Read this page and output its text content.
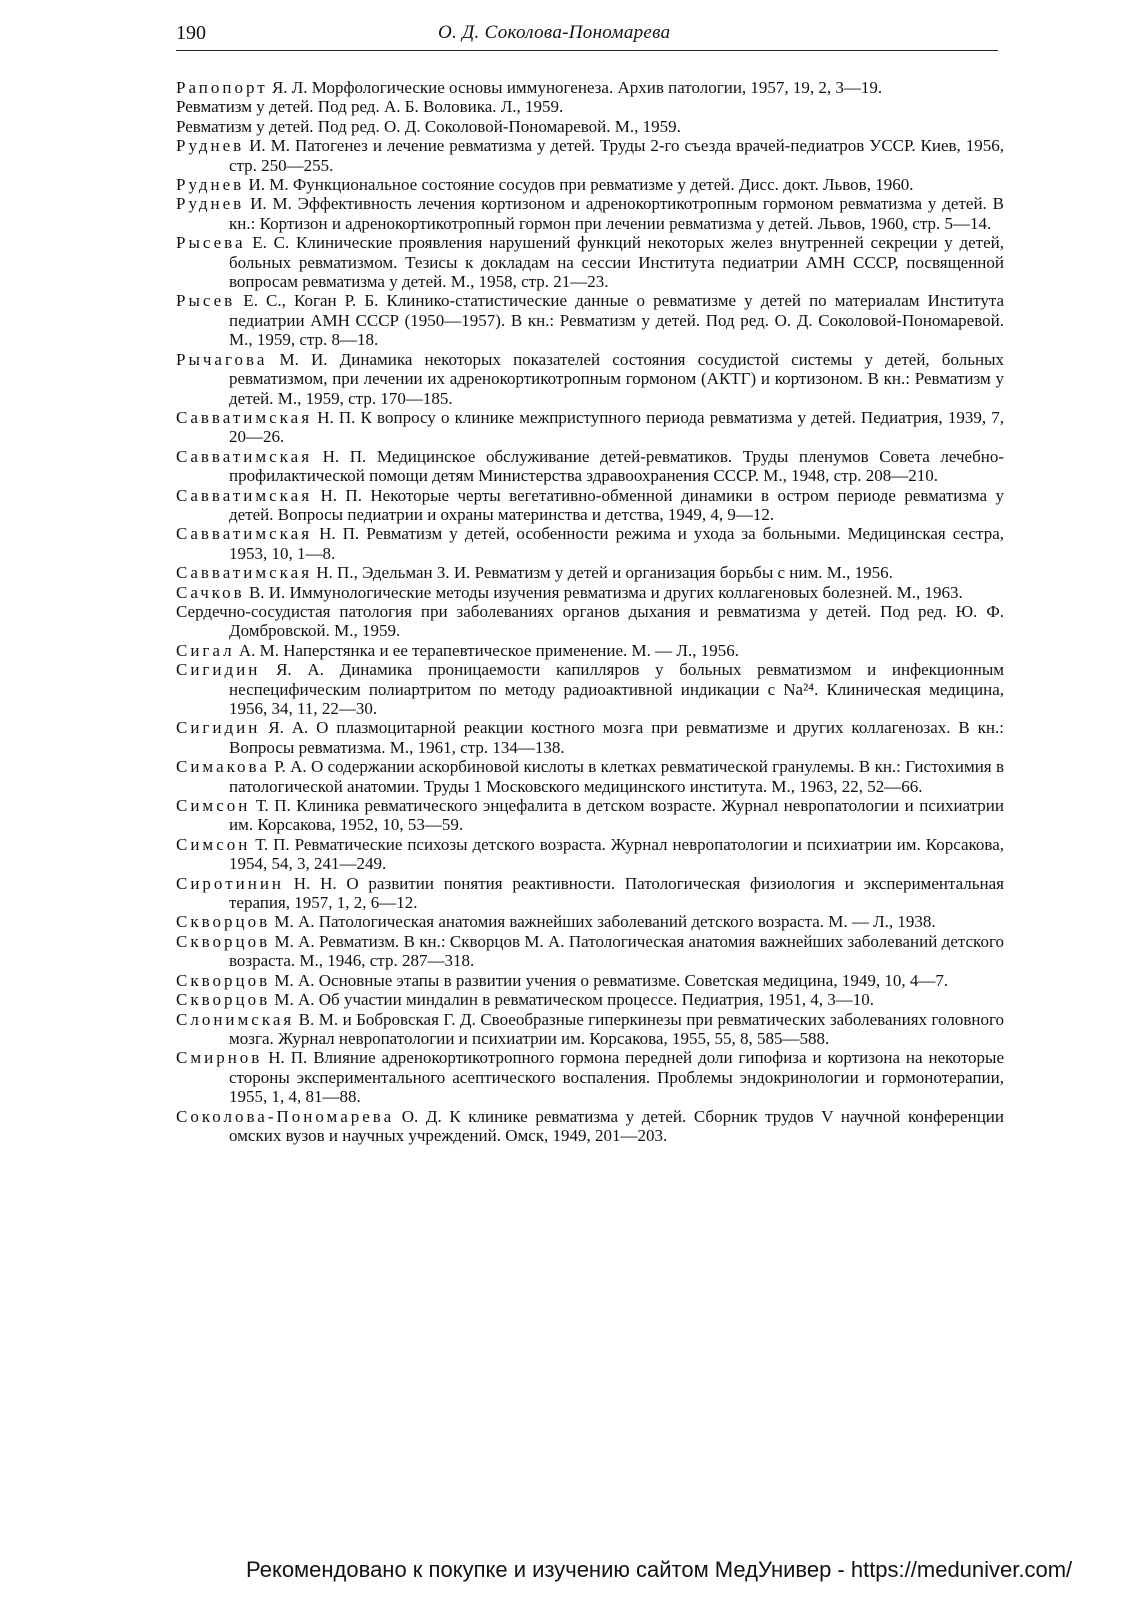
190	О. Д. Соколова-Пономарева

Рапопорт Я. Л. Морфологические основы иммуногенеза. Архив патологии, 1957, 19, 2, 3—19.

Ревматизм у детей. Под ред. А. Б. Воловика. Л., 1959.

Ревматизм у детей. Под ред. О. Д. Соколовой-Пономаревой. М., 1959.

Руднев И. М. Патогенез и лечение ревматизма у детей. Труды 2-го съезда врачей-педиатров УССР. Киев, 1956, стр. 250—255.

Руднев И. М. Функциональное состояние сосудов при ревматизме у детей. Дисс. докт. Львов, 1960.

Руднев И. М. Эффективность лечения кортизоном и адренокортикотропным гормоном ревматизма у детей. В кн.: Кортизон и адренокортикотропный гормон при лечении ревматизма у детей. Львов, 1960, стр. 5—14.

Рысева Е. С. Клинические проявления нарушений функций некоторых желез внутренней секреции у детей, больных ревматизмом. Тезисы к докладам на сессии Института педиатрии АМН СССР, посвященной вопросам ревматизма у детей. М., 1958, стр. 21—23.

Рысев Е. С., Коган Р. Б. Клинико-статистические данные о ревматизме у детей по материалам Института педиатрии АМН СССР (1950—1957). В кн.: Ревматизм у детей. Под ред. О. Д. Соколовой-Пономаревой. М., 1959, стр. 8—18.

Рычагова М. И. Динамика некоторых показателей состояния сосудистой системы у детей, больных ревматизмом, при лечении их адренокортикотропным гормоном (АКТГ) и кортизоном. В кн.: Ревматизм у детей. М., 1959, стр. 170—185.

Савватимская Н. П. К вопросу о клинике межприступного периода ревматизма у детей. Педиатрия, 1939, 7, 20—26.

Савватимская Н. П. Медицинское обслуживание детей-ревматиков. Труды пленумов Совета лечебно-профилактической помощи детям Министерства здравоохранения СССР. М., 1948, стр. 208—210.

Савватимская Н. П. Некоторые черты вегетативно-обменной динамики в остром периоде ревматизма у детей. Вопросы педиатрии и охраны материнства и детства, 1949, 4, 9—12.

Савватимская Н. П. Ревматизм у детей, особенности режима и ухода за больными. Медицинская сестра, 1953, 10, 1—8.

Савватимская Н. П., Эдельман З. И. Ревматизм у детей и организация борьбы с ним. М., 1956.

Сачков В. И. Иммунологические методы изучения ревматизма и других коллагеновых болезней. М., 1963.

Сердечно-сосудистая патология при заболеваниях органов дыхания и ревматизма у детей. Под ред. Ю. Ф. Домбровской. М., 1959.

Сигал А. М. Наперстянка и ее терапевтическое применение. М. — Л., 1956.

Сигидин Я. А. Динамика проницаемости капилляров у больных ревматизмом и инфекционным неспецифическим полиартритом по методу радиоактивной индикации с Na²⁴. Клиническая медицина, 1956, 34, 11, 22—30.

Сигидин Я. А. О плазмоцитарной реакции костного мозга при ревматизме и других коллагенозах. В кн.: Вопросы ревматизма. М., 1961, стр. 134—138.

Симакова Р. А. О содержании аскорбиновой кислоты в клетках ревматической гранулемы. В кн.: Гистохимия в патологической анатомии. Труды 1 Московского медицинского института. М., 1963, 22, 52—66.

Симсон Т. П. Клиника ревматического энцефалита в детском возрасте. Журнал невропатологии и психиатрии им. Корсакова, 1952, 10, 53—59.

Симсон Т. П. Ревматические психозы детского возраста. Журнал невропатологии и психиатрии им. Корсакова, 1954, 54, 3, 241—249.

Сиротинин Н. Н. О развитии понятия реактивности. Патологическая физиология и экспериментальная терапия, 1957, 1, 2, 6—12.

Скворцов М. А. Патологическая анатомия важнейших заболеваний детского возраста. М. — Л., 1938.

Скворцов М. А. Ревматизм. В кн.: Скворцов М. А. Патологическая анатомия важнейших заболеваний детского возраста. М., 1946, стр. 287—318.

Скворцов М. А. Основные этапы в развитии учения о ревматизме. Советская медицина, 1949, 10, 4—7.

Скворцов М. А. Об участии миндалин в ревматическом процессе. Педиатрия, 1951, 4, 3—10.

Слонимская В. М. и Бобровская Г. Д. Своеобразные гиперкинезы при ревматических заболеваниях головного мозга. Журнал невропатологии и психиатрии им. Корсакова, 1955, 55, 8, 585—588.

Смирнов Н. П. Влияние адренокортикотропного гормона передней доли гипофиза и кортизона на некоторые стороны экспериментального асептического воспаления. Проблемы эндокринологии и гормонотерапии, 1955, 1, 4, 81—88.

Соколова-Пономарева О. Д. К клинике ревматизма у детей. Сборник трудов V научной конференции омских вузов и научных учреждений. Омск, 1949, 201—203.

Рекомендовано к покупке и изучению сайтом МедУнивер - https://meduniver.com/
